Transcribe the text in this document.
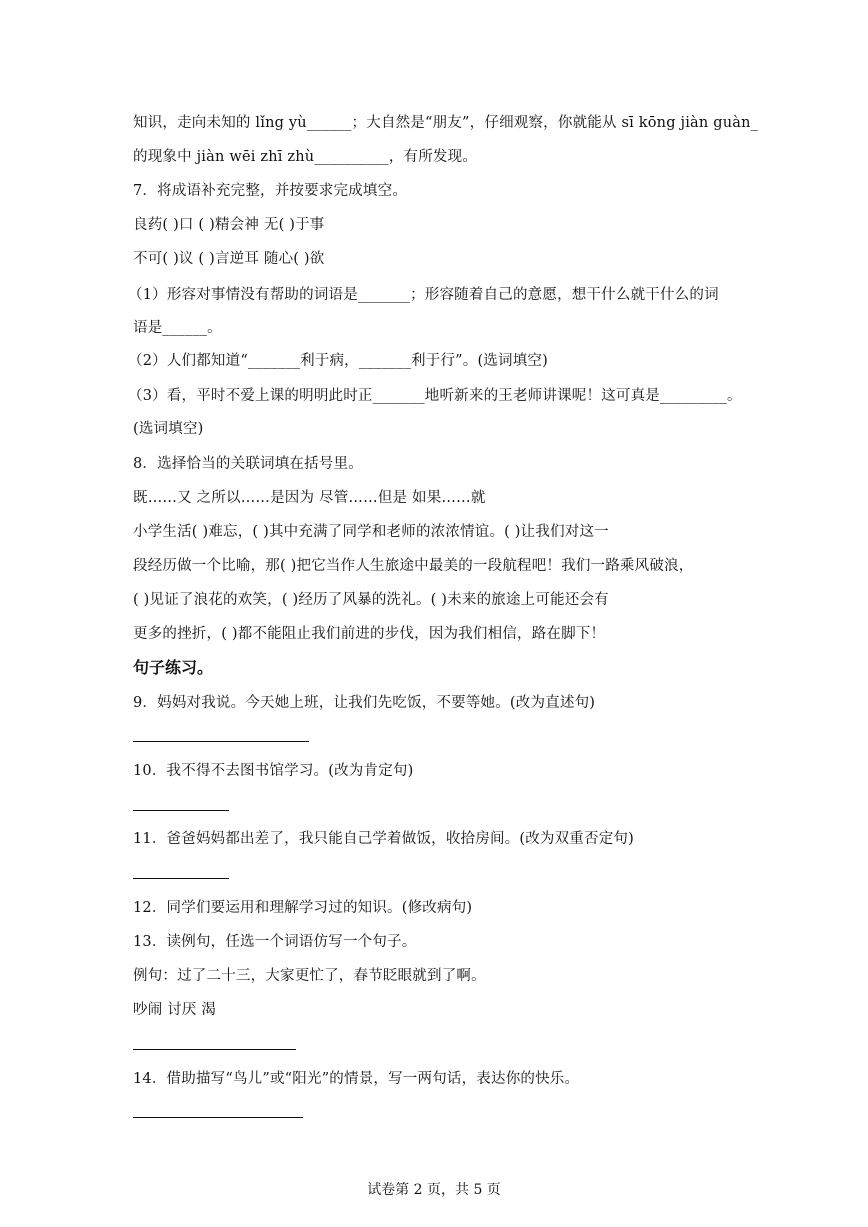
知识，走向未知的 lǐng yù______；大自然是“朋友”，仔细观察，你就能从 sī kōng jiàn guàn_
的现象中 jiàn wēi zhī zhù__________，有所发现。
7．将成语补充完整，并按要求完成填空。
良药( )口 ( )精会神 无( )于事
不可( )议 ( )言逆耳 随心( )欲
（1）形容对事情没有帮助的词语是_______；形容随着自己的意愿，想干什么就干什么的词
语是______。
（2）人们都知道“_______利于病，_______利于行”。(选词填空)
（3）看，平时不爱上课的明明此时正_______地听新来的王老师讲课呢！这可真是_________。
(选词填空)
8．选择恰当的关联词填在括号里。
既……又 之所以……是因为 尽管……但是 如果……就
小学生活( )难忘，( )其中充满了同学和老师的浓浓情谊。( )让我们对这一
段经历做一个比喻，那( )把它当作人生旅途中最美的一段航程吧！我们一路乘风破浪，
( )见证了浪花的欢笑，( )经历了风暴的洗礼。( )未来的旅途上可能还会有
更多的挫折，( )都不能阻止我们前进的步伐，因为我们相信，路在脚下！
句子练习。
9．妈妈对我说。今天她上班，让我们先吃饭，不要等她。(改为直述句)
10．我不得不去图书馆学习。(改为肯定句)
11．爸爸妈妈都出差了，我只能自己学着做饭，收拾房间。(改为双重否定句)
12．同学们要运用和理解学习过的知识。(修改病句)
13．读例句，任选一个词语仿写一个句子。
例句：过了二十三，大家更忙了，春节眨眼就到了啊。
吵闹 讨厌 渴
14．借助描写“鸟儿”或“阳光”的情景，写一两句话，表达你的快乐。
试卷第 2 页，共 5 页
